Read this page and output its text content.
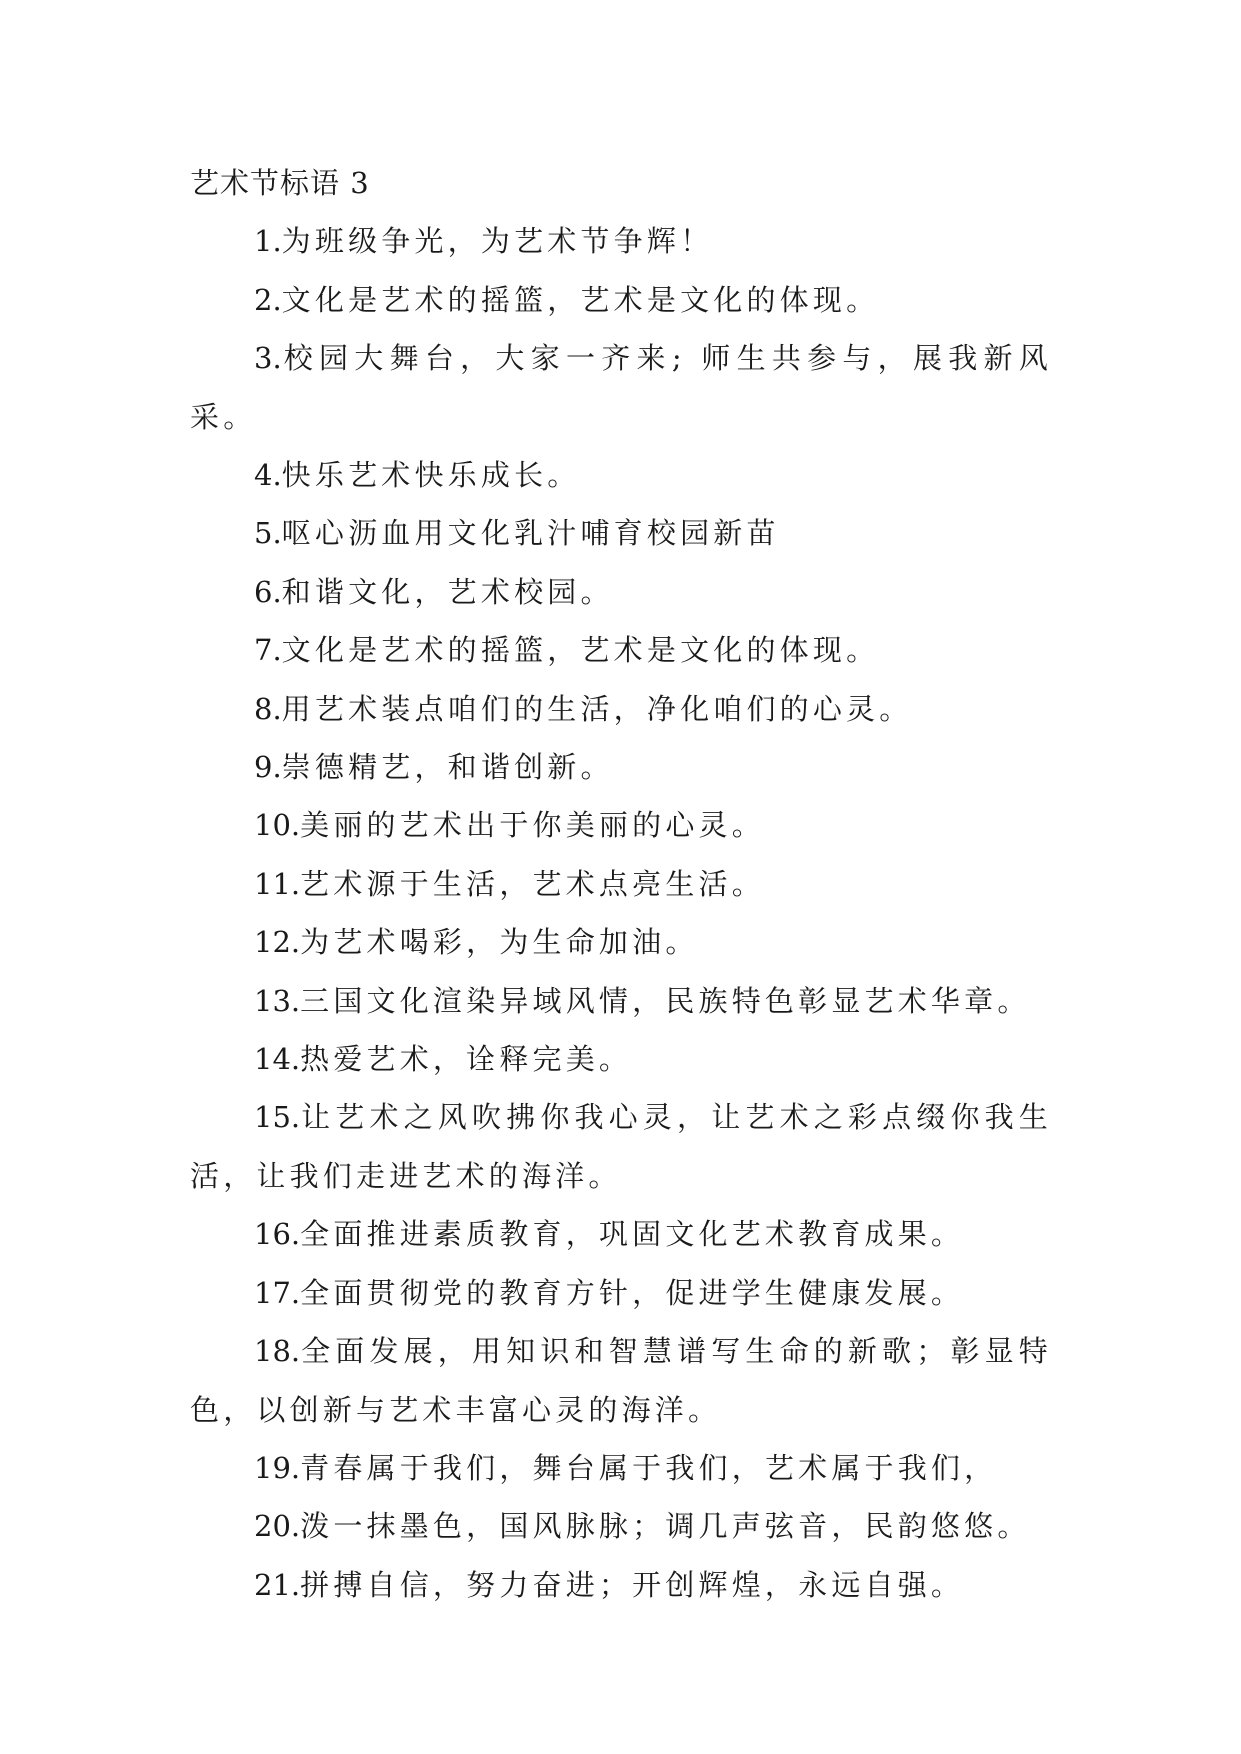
艺术节标语 3
1.为班级争光，为艺术节争辉！
2.文化是艺术的摇篮，艺术是文化的体现。
3.校园大舞台，大家一齐来; 师生共参与，展我新风采。
4.快乐艺术快乐成长。
5.呕心沥血用文化乳汁哺育校园新苗
6.和谐文化，艺术校园。
7.文化是艺术的摇篮，艺术是文化的体现。
8.用艺术装点咱们的生活，净化咱们的心灵。
9.崇德精艺，和谐创新。
10.美丽的艺术出于你美丽的心灵。
11.艺术源于生活，艺术点亮生活。
12.为艺术喝彩，为生命加油。
13.三国文化渲染异域风情，民族特色彰显艺术华章。
14.热爱艺术，诠释完美。
15.让艺术之风吹拂你我心灵，让艺术之彩点缀你我生活，让我们走进艺术的海洋。
16.全面推进素质教育，巩固文化艺术教育成果。
17.全面贯彻党的教育方针，促进学生健康发展。
18.全面发展，用知识和智慧谱写生命的新歌；彰显特色，以创新与艺术丰富心灵的海洋。
19.青春属于我们，舞台属于我们，艺术属于我们，
20.泼一抹墨色，国风脉脉；调几声弦音，民韵悠悠。
21.拼搏自信，努力奋进；开创辉煌，永远自强。
